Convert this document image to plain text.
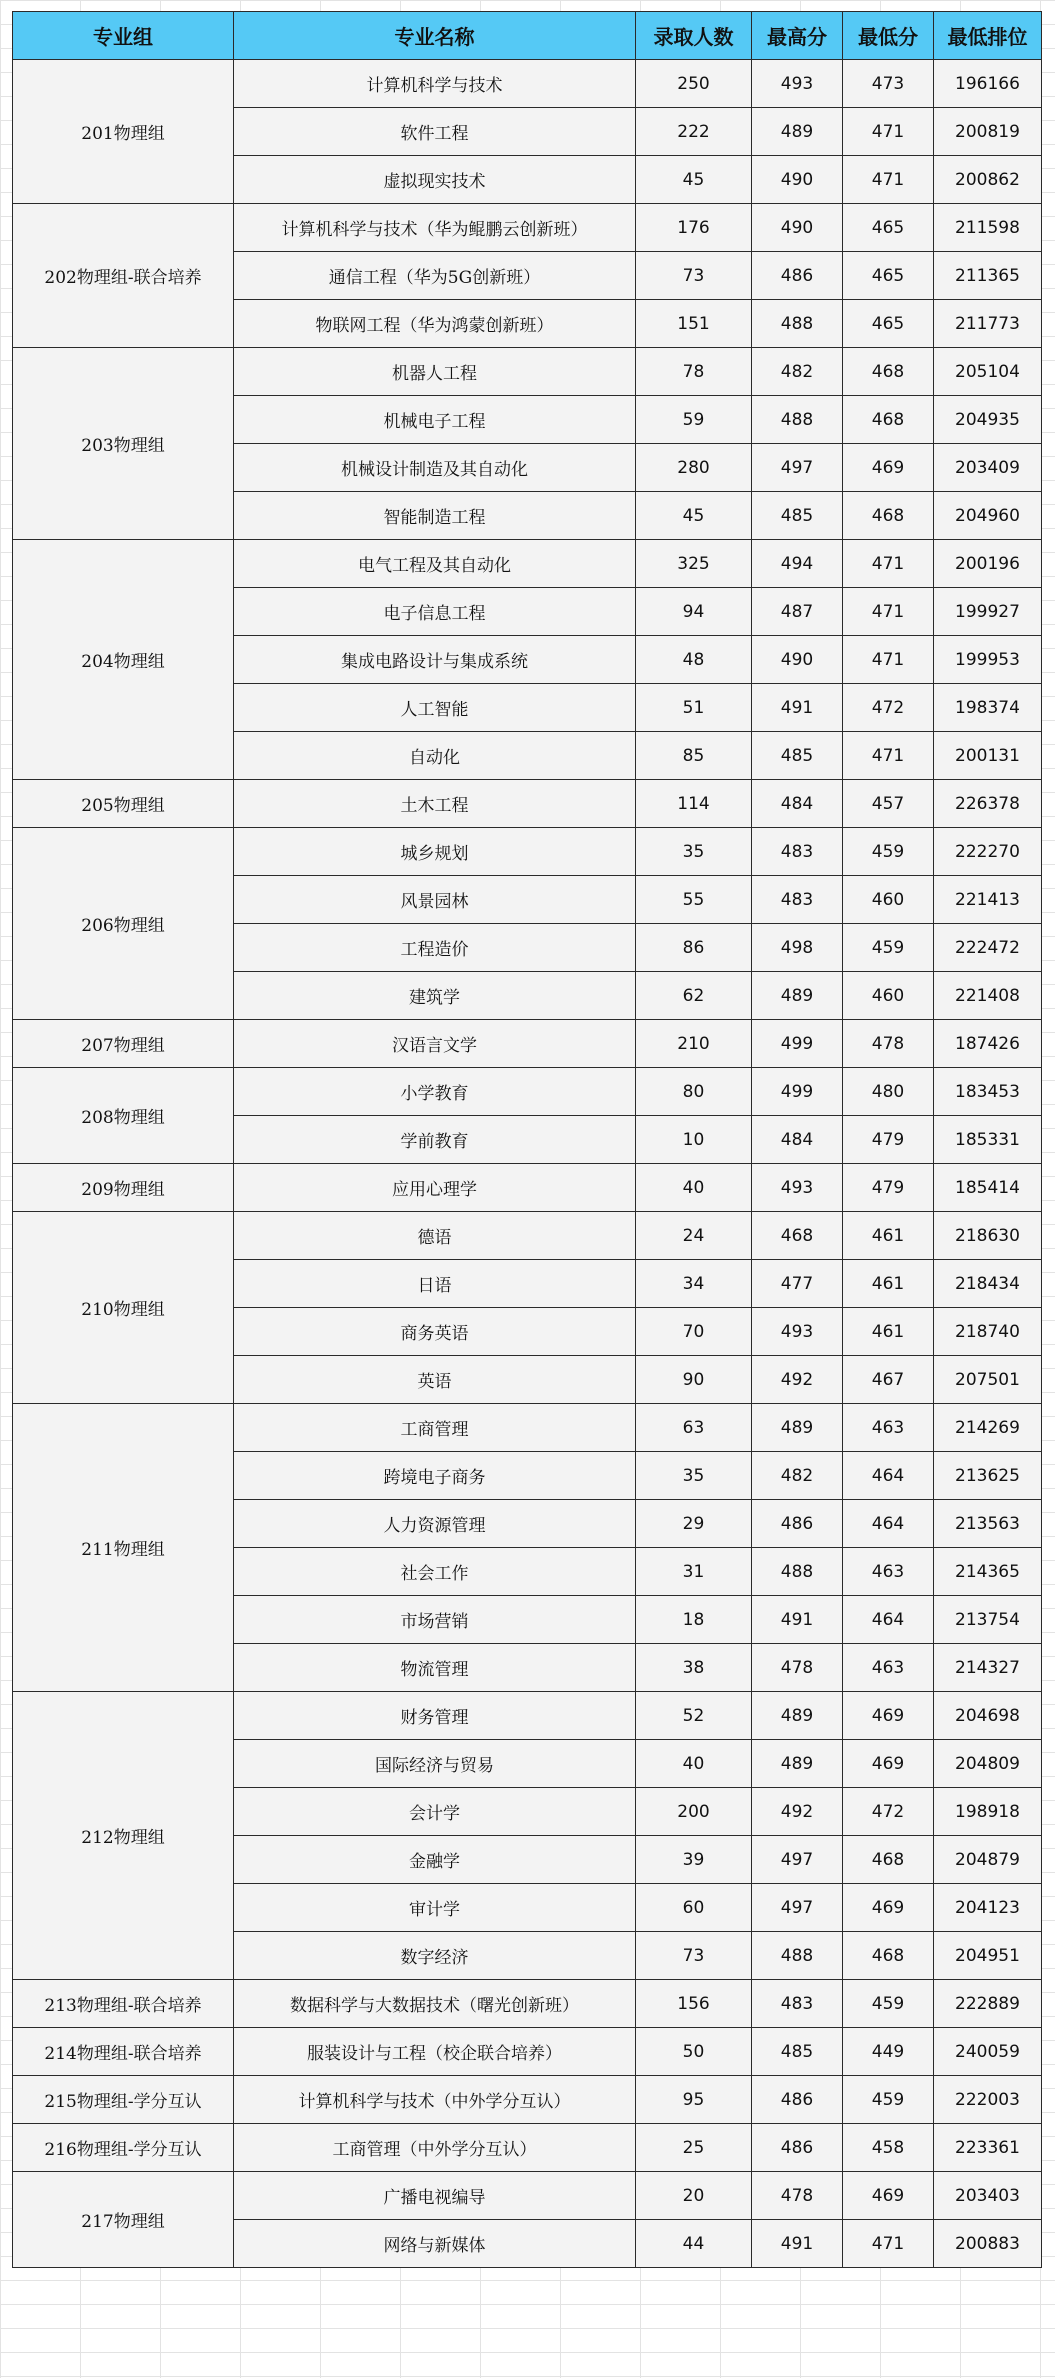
专业组	专业名称	录取人数	最高分	最低分	最低排位
201物理组	计算机科学与技术	250	493	473	196166
	软件工程	222	489	471	200819
	虚拟现实技术	45	490	471	200862
202物理组-联合培养	计算机科学与技术（华为鲲鹏云创新班）	176	490	465	211598
	通信工程（华为5G创新班）	73	486	465	211365
	物联网工程（华为鸿蒙创新班）	151	488	465	211773
203物理组	机器人工程	78	482	468	205104
	机械电子工程	59	488	468	204935
	机械设计制造及其自动化	280	497	469	203409
	智能制造工程	45	485	468	204960
204物理组	电气工程及其自动化	325	494	471	200196
	电子信息工程	94	487	471	199927
	集成电路设计与集成系统	48	490	471	199953
	人工智能	51	491	472	198374
	自动化	85	485	471	200131
205物理组	土木工程	114	484	457	226378
206物理组	城乡规划	35	483	459	222270
	风景园林	55	483	460	221413
	工程造价	86	498	459	222472
	建筑学	62	489	460	221408
207物理组	汉语言文学	210	499	478	187426
208物理组	小学教育	80	499	480	183453
	学前教育	10	484	479	185331
209物理组	应用心理学	40	493	479	185414
210物理组	德语	24	468	461	218630
	日语	34	477	461	218434
	商务英语	70	493	461	218740
	英语	90	492	467	207501
211物理组	工商管理	63	489	463	214269
	跨境电子商务	35	482	464	213625
	人力资源管理	29	486	464	213563
	社会工作	31	488	463	214365
	市场营销	18	491	464	213754
	物流管理	38	478	463	214327
212物理组	财务管理	52	489	469	204698
	国际经济与贸易	40	489	469	204809
	会计学	200	492	472	198918
	金融学	39	497	468	204879
	审计学	60	497	469	204123
	数字经济	73	488	468	204951
213物理组-联合培养	数据科学与大数据技术（曙光创新班）	156	483	459	222889
214物理组-联合培养	服装设计与工程（校企联合培养）	50	485	449	240059
215物理组-学分互认	计算机科学与技术（中外学分互认）	95	486	459	222003
216物理组-学分互认	工商管理（中外学分互认）	25	486	458	223361
217物理组	广播电视编导	20	478	469	203403
	网络与新媒体	44	491	471	200883
